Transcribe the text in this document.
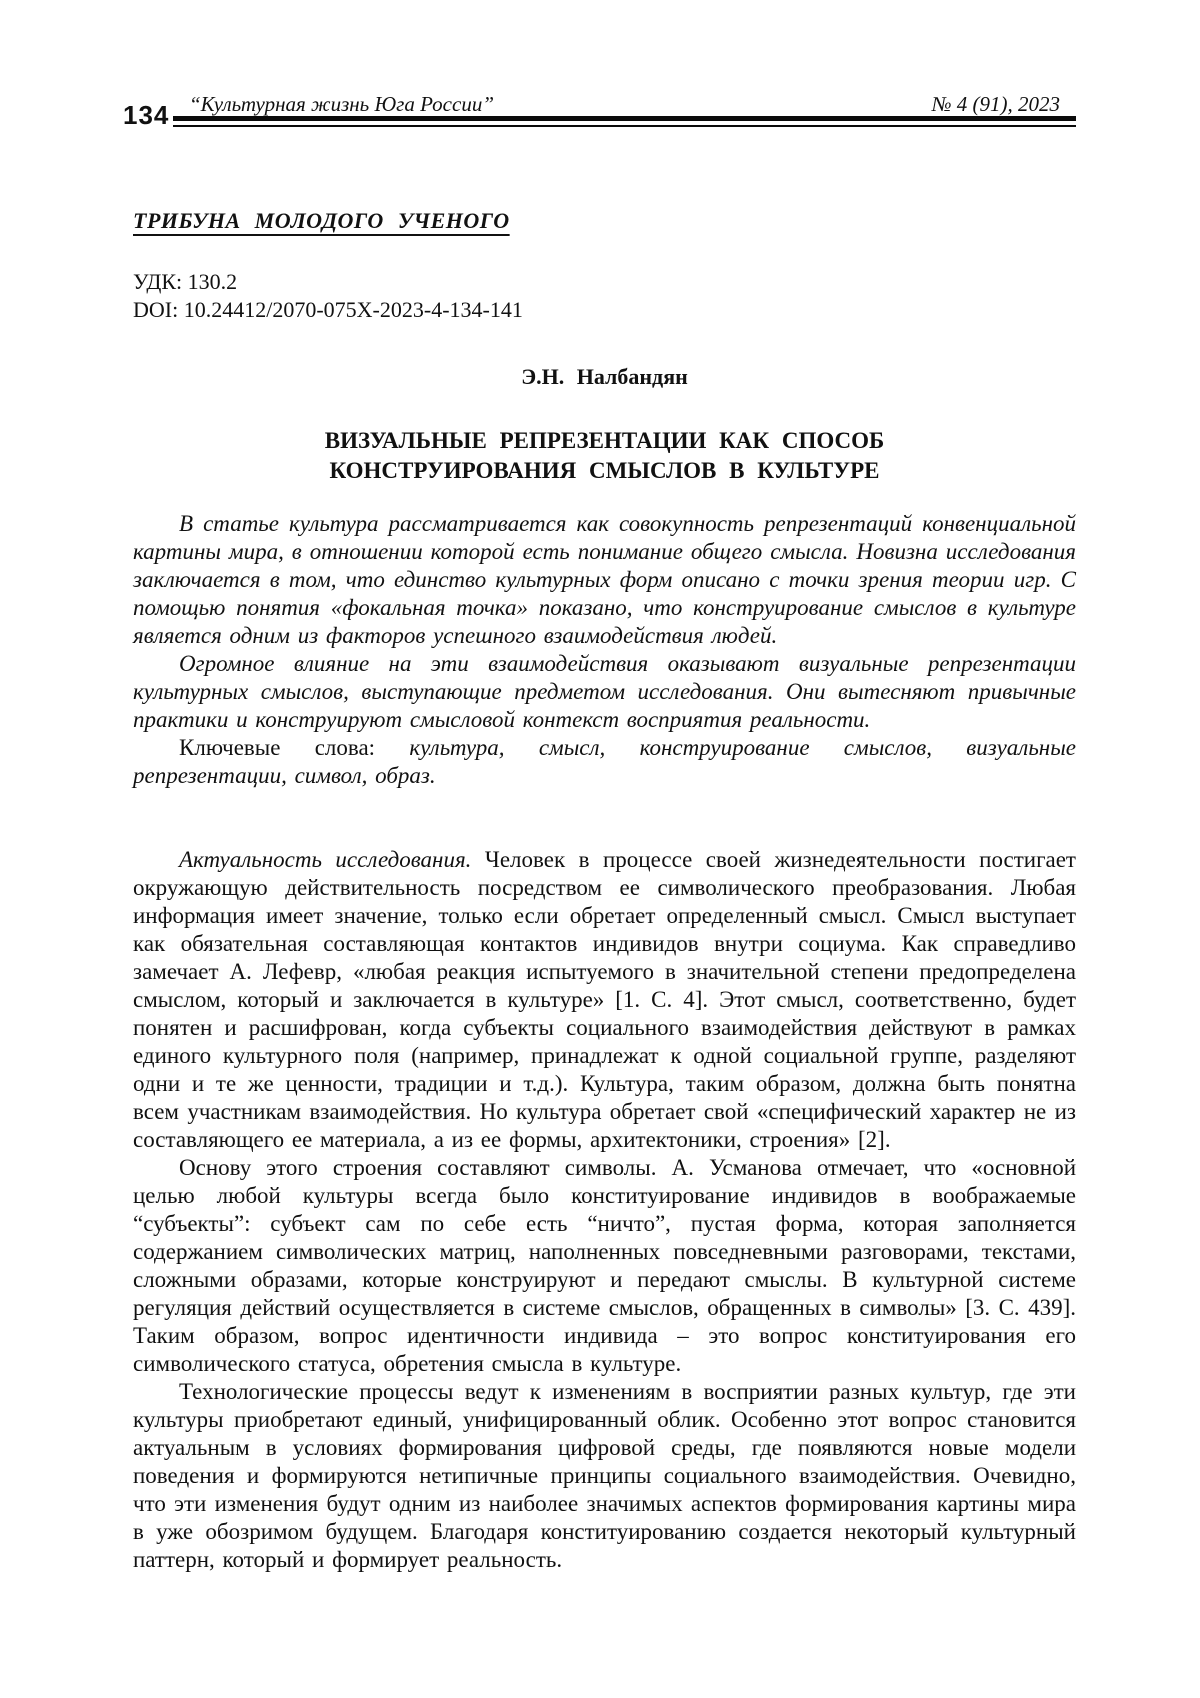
“Культурная жизнь Юга России”	№ 4 (91), 2023
134
ТРИБУНА МОЛОДОГО УЧЕНОГО
УДК: 130.2
DOI: 10.24412/2070-075X-2023-4-134-141
Э.Н. Налбандян
ВИЗУАЛЬНЫЕ РЕПРЕЗЕНТАЦИИ КАК СПОСОБ
КОНСТРУИРОВАНИЯ СМЫСЛОВ В КУЛЬТУРЕ

В статье культура рассматривается как совокупность репрезентаций конвенциальной картины мира, в отношении которой есть понимание общего смысла. Новизна исследования заключается в том, что единство культурных форм описано с точки зрения теории игр. С помощью понятия «фокальная точка» показано, что конструирование смыслов в культуре является одним из факторов успешного взаимодействия людей.

Огромное влияние на эти взаимодействия оказывают визуальные репрезентации культурных смыслов, выступающие предметом исследования. Они вытесняют привычные практики и конструируют смысловой контекст восприятия реальности.

Ключевые слова: культура, смысл, конструирование смыслов, визуальные репрезентации, символ, образ.

Актуальность исследования. Человек в процессе своей жизнедеятельности постигает окружающую действительность посредством ее символического преобразования. Любая информация имеет значение, только если обретает определенный смысл. Смысл выступает как обязательная составляющая контактов индивидов внутри социума. Как справедливо замечает А. Лефевр, «любая реакция испытуемого в значительной степени предопределена смыслом, который и заключается в культуре» [1. С. 4]. Этот смысл, соответственно, будет понятен и расшифрован, когда субъекты социального взаимодействия действуют в рамках единого культурного поля (например, принадлежат к одной социальной группе, разделяют одни и те же ценности, традиции и т.д.). Культура, таким образом, должна быть понятна всем участникам взаимодействия. Но культура обретает свой «специфический характер не из составляющего ее материала, а из ее формы, архитектоники, строения» [2].

Основу этого строения составляют символы. А. Усманова отмечает, что «основной целью любой культуры всегда было конституирование индивидов в воображаемые “субъекты”: субъект сам по себе есть “ничто”, пустая форма, которая заполняется содержанием символических матриц, наполненных повседневными разговорами, текстами, сложными образами, которые конструируют и передают смыслы. В культурной системе регуляция действий осуществляется в системе смыслов, обращенных в символы» [3. С. 439]. Таким образом, вопрос идентичности индивида – это вопрос конституирования его символического статуса, обретения смысла в культуре.

Технологические процессы ведут к изменениям в восприятии разных культур, где эти культуры приобретают единый, унифицированный облик. Особенно этот вопрос становится актуальным в условиях формирования цифровой среды, где появляются новые модели поведения и формируются нетипичные принципы социального взаимодействия. Очевидно, что эти изменения будут одним из наиболее значимых аспектов формирования картины мира в уже обозримом будущем. Благодаря конституированию создается некоторый культурный паттерн, который и формирует реальность.
